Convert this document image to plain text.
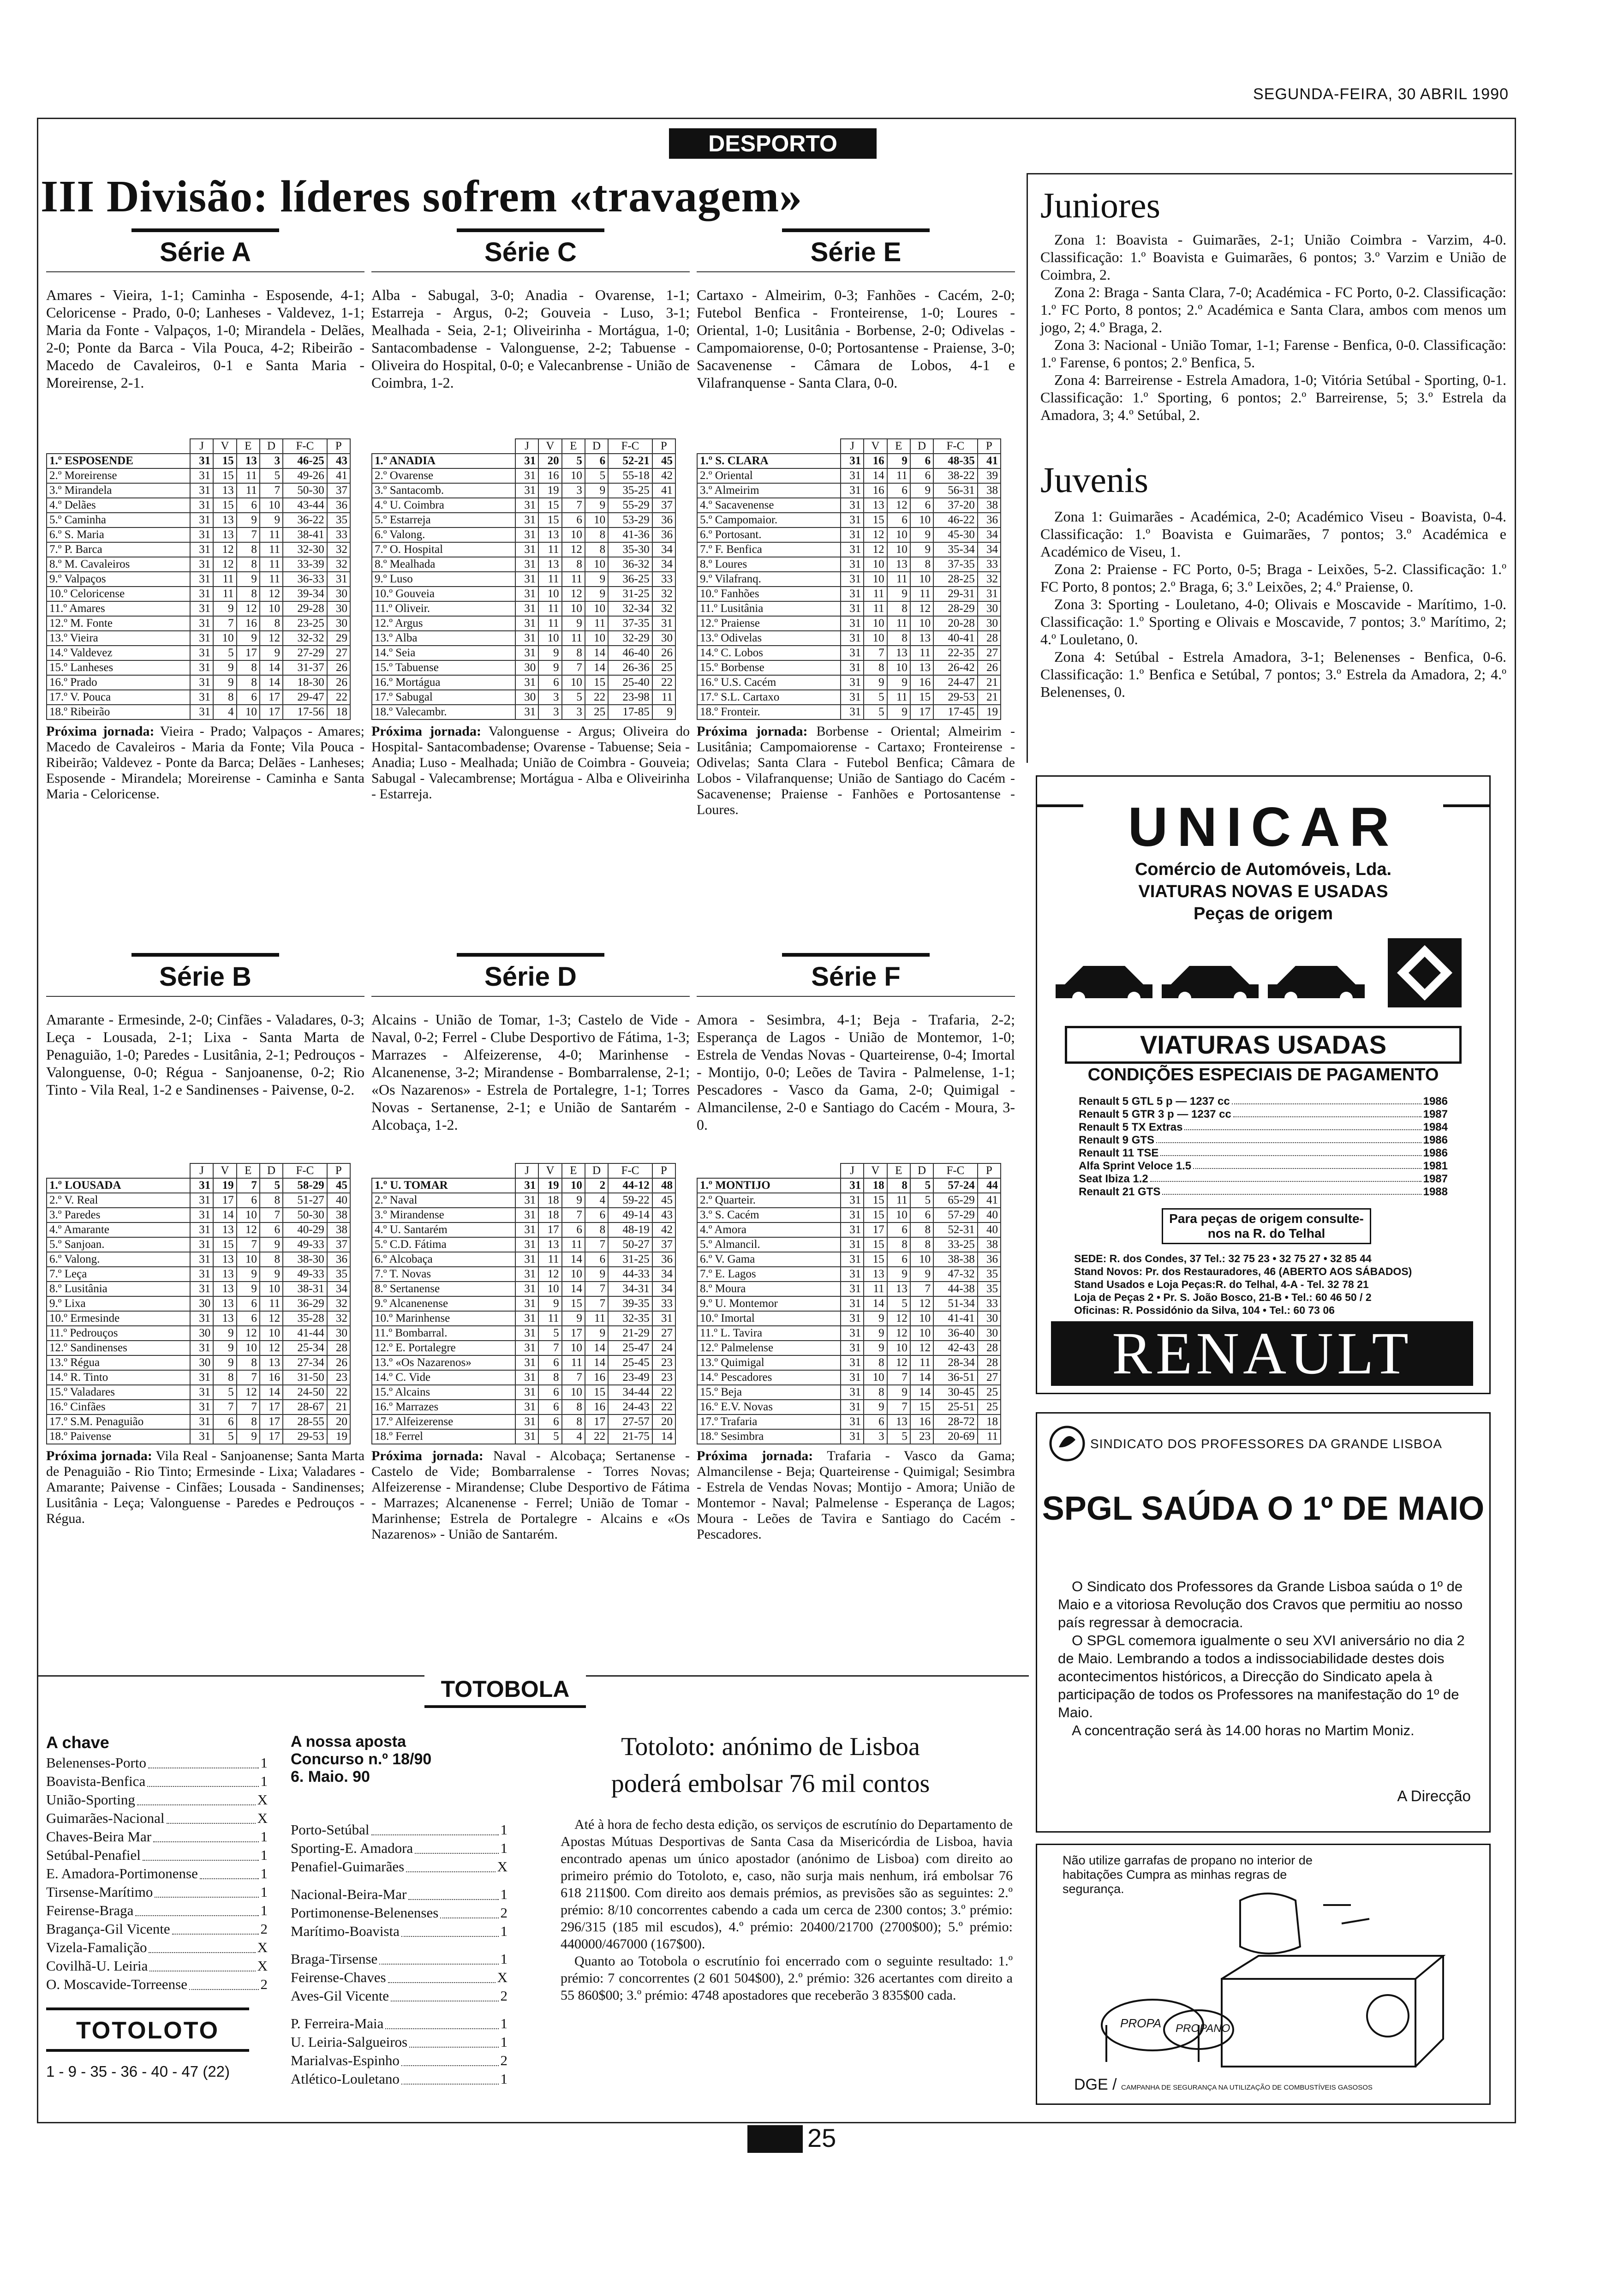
SEGUNDA-FEIRA, 30 ABRIL 1990
DESPORTO
III Divisão: líderes sofrem «travagem»
Série A
Amares - Vieira, 1-1; Caminha - Esposende, 4-1; Celoricense - Prado, 0-0; Lanheses - Valdevez, 1-1; Maria da Fonte - Valpaços, 1-0; Mirandela - Delães, 2-0; Ponte da Barca - Vila Pouca, 4-2; Ribeirão - Macedo de Cavaleiros, 0-1 e Santa Maria - Moreirense, 2-1.
	J	V	E	D	F-C	P
1.º ESPOSENDE	31	15	13	3	46-25	43
2.º Moreirense	31	15	11	5	49-26	41
3.º Mirandela	31	13	11	7	50-30	37
4.º Delães	31	15	6	10	43-44	36
5.º Caminha	31	13	9	9	36-22	35
6.º S. Maria	31	13	7	11	38-41	33
7.º P. Barca	31	12	8	11	32-30	32
8.º M. Cavaleiros	31	12	8	11	33-39	32
9.º Valpaços	31	11	9	11	36-33	31
10.º Celoricense	31	11	8	12	39-34	30
11.º Amares	31	9	12	10	29-28	30
12.º M. Fonte	31	7	16	8	23-25	30
13.º Vieira	31	10	9	12	32-32	29
14.º Valdevez	31	5	17	9	27-29	27
15.º Lanheses	31	9	8	14	31-37	26
16.º Prado	31	9	8	14	18-30	26
17.º V. Pouca	31	8	6	17	29-47	22
18.º Ribeirão	31	4	10	17	17-56	18
Próxima jornada: Vieira - Prado; Valpaços - Amares; Macedo de Cavaleiros - Maria da Fonte; Vila Pouca - Ribeirão; Valdevez - Ponte da Barca; Delães - Lanheses; Esposende - Mirandela; Moreirense - Caminha e Santa Maria - Celoricense.
Série C
Alba - Sabugal, 3-0; Anadia - Ovarense, 1-1; Estarreja - Argus, 0-2; Gouveia - Luso, 3-1; Mealhada - Seia, 2-1; Oliveirinha - Mortágua, 1-0; Santacombadense - Valonguense, 2-2; Tabuense - Oliveira do Hospital, 0-0; e Valecanbrense - União de Coimbra, 1-2.
	J	V	E	D	F-C	P
1.º ANADIA	31	20	5	6	52-21	45
2.º Ovarense	31	16	10	5	55-18	42
3.º Santacomb.	31	19	3	9	35-25	41
4.º U. Coimbra	31	15	7	9	55-29	37
5.º Estarreja	31	15	6	10	53-29	36
6.º Valong.	31	13	10	8	41-36	36
7.º O. Hospital	31	11	12	8	35-30	34
8.º Mealhada	31	13	8	10	36-32	34
9.º Luso	31	11	11	9	36-25	33
10.º Gouveia	31	10	12	9	31-25	32
11.º Oliveir.	31	11	10	10	32-34	32
12.º Argus	31	11	9	11	37-35	31
13.º Alba	31	10	11	10	32-29	30
14.º Seia	31	9	8	14	46-40	26
15.º Tabuense	30	9	7	14	26-36	25
16.º Mortágua	31	6	10	15	25-40	22
17.º Sabugal	30	3	5	22	23-98	11
18.º Valecambr.	31	3	3	25	17-85	9
Próxima jornada: Valonguense - Argus; Oliveira do Hospital- Santacombadense; Ovarense - Tabuense; Seia - Anadia; Luso - Mealhada; União de Coimbra - Gouveia; Sabugal - Valecambrense; Mortágua - Alba e Oliveirinha - Estarreja.
Série E
Cartaxo - Almeirim, 0-3; Fanhões - Cacém, 2-0; Futebol Benfica - Fronteirense, 1-0; Loures - Oriental, 1-0; Lusitânia - Borbense, 2-0; Odivelas - Campomaiorense, 0-0; Portosantense - Praiense, 3-0; Sacavenense - Câmara de Lobos, 4-1 e Vilafranquense - Santa Clara, 0-0.
	J	V	E	D	F-C	P
1.º S. CLARA	31	16	9	6	48-35	41
2.º Oriental	31	14	11	6	38-22	39
3.º Almeirim	31	16	6	9	56-31	38
4.º Sacavenense	31	13	12	6	37-20	38
5.º Campomaior.	31	15	6	10	46-22	36
6.º Portosant.	31	12	10	9	45-30	34
7.º F. Benfica	31	12	10	9	35-34	34
8.º Loures	31	10	13	8	37-35	33
9.º Vilafranq.	31	10	11	10	28-25	32
10.º Fanhões	31	11	9	11	29-31	31
11.º Lusitânia	31	11	8	12	28-29	30
12.º Praiense	31	10	11	10	20-28	30
13.º Odivelas	31	10	8	13	40-41	28
14.º C. Lobos	31	7	13	11	22-35	27
15.º Borbense	31	8	10	13	26-42	26
16.º U.S. Cacém	31	9	9	16	24-47	21
17.º S.L. Cartaxo	31	5	11	15	29-53	21
18.º Fronteir.	31	5	9	17	17-45	19
Próxima jornada: Borbense - Oriental; Almeirim - Lusitânia; Campomaiorense - Cartaxo; Fronteirense - Odivelas; Santa Clara - Futebol Benfica; Câmara de Lobos - Vilafranquense; União de Santiago do Cacém - Sacavenense; Praiense - Fanhões e Portosantense - Loures.
Série B
Amarante - Ermesinde, 2-0; Cinfães - Valadares, 0-3; Leça - Lousada, 2-1; Lixa - Santa Marta de Penaguião, 1-0; Paredes - Lusitânia, 2-1; Pedrouços - Valonguense, 0-0; Régua - Sanjoanense, 0-2; Rio Tinto - Vila Real, 1-2 e Sandinenses - Paivense, 0-2.
	J	V	E	D	F-C	P
1.º LOUSADA	31	19	7	5	58-29	45
2.º V. Real	31	17	6	8	51-27	40
3.º Paredes	31	14	10	7	50-30	38
4.º Amarante	31	13	12	6	40-29	38
5.º Sanjoan.	31	15	7	9	49-33	37
6.º Valong.	31	13	10	8	38-30	36
7.º Leça	31	13	9	9	49-33	35
8.º Lusitânia	31	13	9	10	38-31	34
9.º Lixa	30	13	6	11	36-29	32
10.º Ermesinde	31	13	6	12	35-28	32
11.º Pedrouços	30	9	12	10	41-44	30
12.º Sandinenses	31	9	10	12	25-34	28
13.º Régua	30	9	8	13	27-34	26
14.º R. Tinto	31	8	7	16	31-50	23
15.º Valadares	31	5	12	14	24-50	22
16.º Cinfães	31	7	7	17	28-67	21
17.º S.M. Penaguião	31	6	8	17	28-55	20
18.º Paivense	31	5	9	17	29-53	19
Próxima jornada: Vila Real - Sanjoanense; Santa Marta de Penaguião - Rio Tinto; Ermesinde - Lixa; Valadares - Amarante; Paivense - Cinfães; Lousada - Sandinenses; Lusitânia - Leça; Valonguense - Paredes e Pedrouços - Régua.
Série D
Alcains - União de Tomar, 1-3; Castelo de Vide - Naval, 0-2; Ferrel - Clube Desportivo de Fátima, 1-3; Marrazes - Alfeizerense, 4-0; Marinhense - Alcanenense, 3-2; Mirandense - Bombarralense, 2-1; «Os Nazarenos» - Estrela de Portalegre, 1-1; Torres Novas - Sertanense, 2-1; e União de Santarém - Alcobaça, 1-2.
	J	V	E	D	F-C	P
1.º U. TOMAR	31	19	10	2	44-12	48
2.º Naval	31	18	9	4	59-22	45
3.º Mirandense	31	18	7	6	49-14	43
4.º U. Santarém	31	17	6	8	48-19	42
5.º C.D. Fátima	31	13	11	7	50-27	37
6.º Alcobaça	31	11	14	6	31-25	36
7.º T. Novas	31	12	10	9	44-33	34
8.º Sertanense	31	10	14	7	34-31	34
9.º Alcanenense	31	9	15	7	39-35	33
10.º Marinhense	31	11	9	11	32-35	31
11.º Bombarral.	31	5	17	9	21-29	27
12.º E. Portalegre	31	7	10	14	25-47	24
13.º «Os Nazarenos»	31	6	11	14	25-45	23
14.º C. Vide	31	8	7	16	23-49	23
15.º Alcains	31	6	10	15	34-44	22
16.º Marrazes	31	6	8	16	24-43	22
17.º Alfeizerense	31	6	8	17	27-57	20
18.º Ferrel	31	5	4	22	21-75	14
Próxima jornada: Naval - Alcobaça; Sertanense - Castelo de Vide; Bombarralense - Torres Novas; Alfeizerense - Mirandense; Clube Desportivo de Fátima - Marrazes; Alcanenense - Ferrel; União de Tomar - Marinhense; Estrela de Portalegre - Alcains e «Os Nazarenos» - União de Santarém.
Série F
Amora - Sesimbra, 4-1; Beja - Trafaria, 2-2; Esperança de Lagos - União de Montemor, 1-0; Estrela de Vendas Novas - Quarteirense, 0-4; Imortal - Montijo, 0-0; Leões de Tavira - Palmelense, 1-1; Pescadores - Vasco da Gama, 2-0; Quimigal - Almancilense, 2-0 e Santiago do Cacém - Moura, 3-0.
	J	V	E	D	F-C	P
1.º MONTIJO	31	18	8	5	57-24	44
2.º Quarteir.	31	15	11	5	65-29	41
3.º S. Cacém	31	15	10	6	57-29	40
4.º Amora	31	17	6	8	52-31	40
5.º Almancil.	31	15	8	8	33-25	38
6.º V. Gama	31	15	6	10	38-38	36
7.º E. Lagos	31	13	9	9	47-32	35
8.º Moura	31	11	13	7	44-38	35
9.º U. Montemor	31	14	5	12	51-34	33
10.º Imortal	31	9	12	10	41-41	30
11.º L. Tavira	31	9	12	10	36-40	30
12.º Palmelense	31	9	10	12	42-43	28
13.º Quimigal	31	8	12	11	28-34	28
14.º Pescadores	31	10	7	14	36-51	27
15.º Beja	31	8	9	14	30-45	25
16.º E.V. Novas	31	9	7	15	25-51	25
17.º Trafaria	31	6	13	16	28-72	18
18.º Sesimbra	31	3	5	23	20-69	11
Próxima jornada: Trafaria - Vasco da Gama; Almancilense - Beja; Quarteirense - Quimigal; Sesimbra - Estrela de Vendas Novas; Montijo - Amora; União de Montemor - Naval; Palmelense - Esperança de Lagos; Moura - Leões de Tavira e Santiago do Cacém - Pescadores.
Juniores

Zona 1: Boavista - Guimarães, 2-1; União Coimbra - Varzim, 4-0. Classificação: 1.º Boavista e Guimarães, 6 pontos; 3.º Varzim e União de Coimbra, 2.

Zona 2: Braga - Santa Clara, 7-0; Académica - FC Porto, 0-2. Classificação: 1.º FC Porto, 8 pontos; 2.º Académica e Santa Clara, ambos com menos um jogo, 2; 4.º Braga, 2.

Zona 3: Nacional - União Tomar, 1-1; Farense - Benfica, 0-0. Classificação: 1.º Farense, 6 pontos; 2.º Benfica, 5.

Zona 4: Barreirense - Estrela Amadora, 1-0; Vitória Setúbal - Sporting, 0-1. Classificação: 1.º Sporting, 6 pontos; 2.º Barreirense, 5; 3.º Estrela da Amadora, 3; 4.º Setúbal, 2.

Juvenis

Zona 1: Guimarães - Académica, 2-0; Académico Viseu - Boavista, 0-4. Classificação: 1.º Boavista e Guimarães, 7 pontos; 3.º Académica e Académico de Viseu, 1.

Zona 2: Praiense - FC Porto, 0-5; Braga - Leixões, 5-2. Classificação: 1.º FC Porto, 8 pontos; 2.º Braga, 6; 3.º Leixões, 2; 4.º Praiense, 0.

Zona 3: Sporting - Louletano, 4-0; Olivais e Moscavide - Marítimo, 1-0. Classificação: 1.º Sporting e Olivais e Moscavide, 7 pontos; 3.º Marítimo, 2; 4.º Louletano, 0.

Zona 4: Setúbal - Estrela Amadora, 3-1; Belenenses - Benfica, 0-6. Classificação: 1.º Benfica e Setúbal, 7 pontos; 3.º Estrela da Amadora, 2; 4.º Belenenses, 0.

UNICAR
Comércio de Automóveis, Lda.
VIATURAS NOVAS E USADAS
Peças de origem
VIATURAS USADAS
CONDIÇÕES ESPECIAIS DE PAGAMENTO
Renault 5 GTL 5 p — 1237 cc	1986
Renault 5 GTR 3 p — 1237 cc	1987
Renault 5 TX Extras	1984
Renault 9 GTS	1986
Renault 11 TSE	1986
Alfa Sprint Veloce 1.5	1981
Seat Ibiza 1.2	1987
Renault 21 GTS	1988
Para peças de origem consulte-nos na R. do Telhal
SEDE: R. dos Condes, 37 Tel.: 32 75 23 • 32 75 27 • 32 85 44
Stand Novos: Pr. dos Restauradores, 46 (ABERTO AOS SÁBADOS)
Stand Usados e Loja Peças:R. do Telhal, 4-A - Tel. 32 78 21
Loja de Peças 2 • Pr. S. João Bosco, 21-B • Tel.: 60 46 50 / 2
Oficinas: R. Possidónio da Silva, 104 • Tel.: 60 73 06
RENAULT
SINDICATO DOS PROFESSORES DA GRANDE LISBOA
SPGL SAÚDA O 1º DE MAIO

O Sindicato dos Professores da Grande Lisboa saúda o 1º de Maio e a vitoriosa Revolução dos Cravos que permitiu ao nosso país regressar à democracia.

O SPGL comemora igualmente o seu XVI aniversário no dia 2 de Maio. Lembrando a todos a indissociabilidade destes dois acontecimentos históricos, a Direcção do Sindicato apela à participação de todos os Professores na manifestação do 1º de Maio.

A concentração será às 14.00 horas no Martim Moniz.

A Direcção
Não utilize garrafas de propano no interior de habitações Cumpra as minhas regras de segurança.
PROPA PROPANO
DGE / CAMPANHA DE SEGURANÇA NA UTILIZAÇÃO DE COMBUSTÍVEIS GASOSOS
TOTOBOLA
A chave
Belenenses-Porto	1
Boavista-Benfica	1
União-Sporting	X
Guimarães-Nacional	X
Chaves-Beira Mar	1
Setúbal-Penafiel	1
E. Amadora-Portimonense	1
Tirsense-Marítimo	1
Feirense-Braga	1
Bragança-Gil Vicente	2
Vizela-Famalição	X
Covilhã-U. Leiria	X
O. Moscavide-Torreense	2
A nossa aposta
Concurso n.º 18/90
6. Maio. 90
Porto-Setúbal	1
Sporting-E. Amadora	1
Penafiel-Guimarães	X
Nacional-Beira-Mar	1
Portimonense-Belenenses	2
Marítimo-Boavista	1
Braga-Tirsense	1
Feirense-Chaves	X
Aves-Gil Vicente	2
P. Ferreira-Maia	1
U. Leiria-Salgueiros	1
Marialvas-Espinho	2
Atlético-Louletano	1
TOTOLOTO
1 - 9 - 35 - 36 - 40 - 47 (22)
Totoloto: anónimo de Lisboa
poderá embolsar 76 mil contos

Até à hora de fecho desta edição, os serviços de escrutínio do Departamento de Apostas Mútuas Desportivas de Santa Casa da Misericórdia de Lisboa, havia encontrado apenas um único apostador (anónimo de Lisboa) com direito ao primeiro prémio do Totoloto, e, caso, não surja mais nenhum, irá embolsar 76 618 211$00. Com direito aos demais prémios, as previsões são as seguintes: 2.º prémio: 8/10 concorrentes cabendo a cada um cerca de 2300 contos; 3.º prémio: 296/315 (185 mil escudos), 4.º prémio: 20400/21700 (2700$00); 5.º prémio: 440000/467000 (167$00).

Quanto ao Totobola o escrutínio foi encerrado com o seguinte resultado: 1.º prémio: 7 concorrentes (2 601 504$00), 2.º prémio: 326 acertantes com direito a 55 860$00; 3.º prémio: 4748 apostadores que receberão 3 835$00 cada.

25
